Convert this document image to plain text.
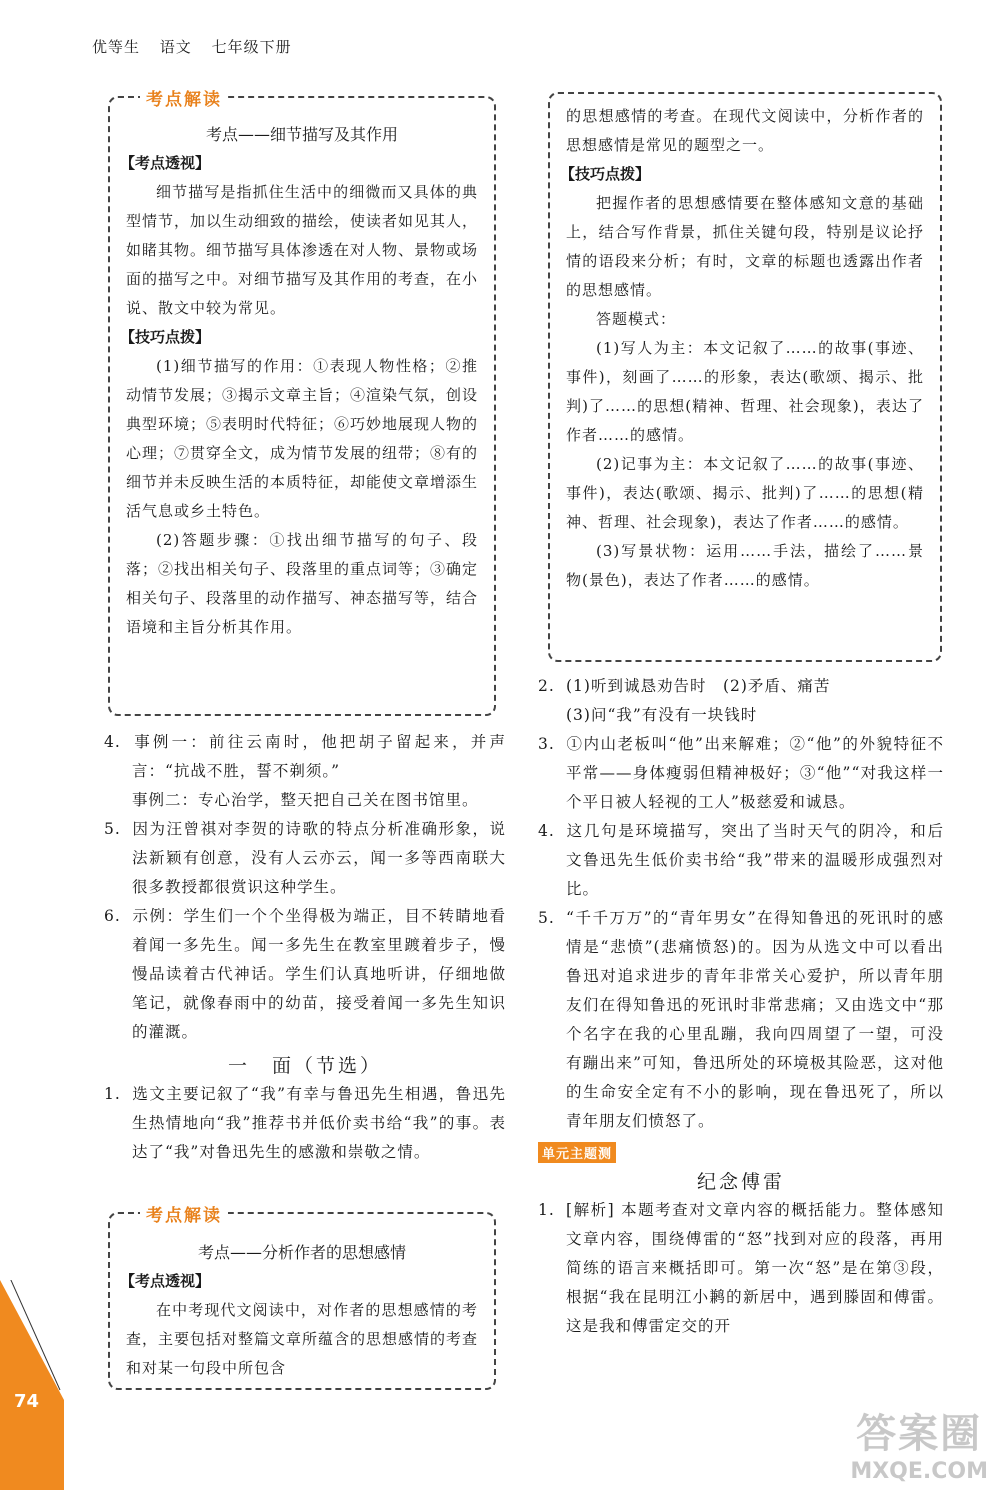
优等生 语文 七年级下册
考点解读
考点——细节描写及其作用
【考点透视】
细节描写是指抓住生活中的细微而又具体的典型情节，加以生动细致的描绘，使读者如见其人，如睹其物。细节描写具体渗透在对人物、景物或场面的描写之中。对细节描写及其作用的考查，在小说、散文中较为常见。
【技巧点拨】
(1)细节描写的作用：①表现人物性格；②推动情节发展；③揭示文章主旨；④渲染气氛，创设典型环境；⑤表明时代特征；⑥巧妙地展现人物的心理；⑦贯穿全文，成为情节发展的纽带；⑧有的细节并未反映生活的本质特征，却能使文章增添生活气息或乡土特色。
(2)答题步骤：①找出细节描写的句子、段落；②找出相关句子、段落里的重点词等；③确定相关句子、段落里的动作描写、神态描写等，结合语境和主旨分析其作用。

4. 事例一：前往云南时，他把胡子留起来，并声言：“抗战不胜，誓不剃须。”

事例二：专心治学，整天把自己关在图书馆里。

5. 因为汪曾祺对李贺的诗歌的特点分析准确形象，说法新颖有创意，没有人云亦云，闻一多等西南联大很多教授都很赏识这种学生。

6. 示例：学生们一个个坐得极为端正，目不转睛地看着闻一多先生。闻一多先生在教室里踱着步子，慢慢品读着古代神话。学生们认真地听讲，仔细地做笔记，就像春雨中的幼苗，接受着闻一多先生知识的灌溉。

一　面（节选）

1. 选文主要记叙了“我”有幸与鲁迅先生相遇，鲁迅先生热情地向“我”推荐书并低价卖书给“我”的事。表达了“我”对鲁迅先生的感激和崇敬之情。

考点解读
考点——分析作者的思想感情
【考点透视】
在中考现代文阅读中，对作者的思想感情的考查，主要包括对整篇文章所蕴含的思想感情的考查和对某一句段中所包含
的思想感情的考查。在现代文阅读中，分析作者的思想感情是常见的题型之一。
【技巧点拨】
把握作者的思想感情要在整体感知文意的基础上，结合写作背景，抓住关键句段，特别是议论抒情的语段来分析；有时，文章的标题也透露出作者的思想感情。
答题模式：
(1)写人为主：本文记叙了……的故事(事迹、事件)，刻画了……的形象，表达(歌颂、揭示、批判)了……的思想(精神、哲理、社会现象)，表达了作者……的感情。
(2)记事为主：本文记叙了……的故事(事迹、事件)，表达(歌颂、揭示、批判)了……的思想(精神、哲理、社会现象)，表达了作者……的感情。
(3)写景状物：运用……手法，描绘了……景物(景色)，表达了作者……的感情。

2. (1)听到诚恳劝告时　(2)矛盾、痛苦

(3)问“我”有没有一块钱时

3. ①内山老板叫“他”出来解难；②“他”的外貌特征不平常——身体瘦弱但精神极好；③“他”“对我这样一个平日被人轻视的工人”极慈爱和诚恳。

4. 这几句是环境描写，突出了当时天气的阴冷，和后文鲁迅先生低价卖书给“我”带来的温暖形成强烈对比。

5. “千千万万”的“青年男女”在得知鲁迅的死讯时的感情是“悲愤”(悲痛愤怒)的。因为从选文中可以看出鲁迅对追求进步的青年非常关心爱护，所以青年朋友们在得知鲁迅的死讯时非常悲痛；又由选文中“那个名字在我的心里乱蹦，我向四周望了一望，可没有蹦出来”可知，鲁迅所处的环境极其险恶，这对他的生命安全定有不小的影响，现在鲁迅死了，所以青年朋友们愤怒了。

单元主题测
纪念傅雷

1. [解析] 本题考查对文章内容的概括能力。整体感知文章内容，围绕傅雷的“怒”找到对应的段落，再用简练的语言来概括即可。第一次“怒”是在第③段，根据“我在昆明江小鹣的新居中，遇到滕固和傅雷。这是我和傅雷定交的开

74
答案圈
MXQE.COM
